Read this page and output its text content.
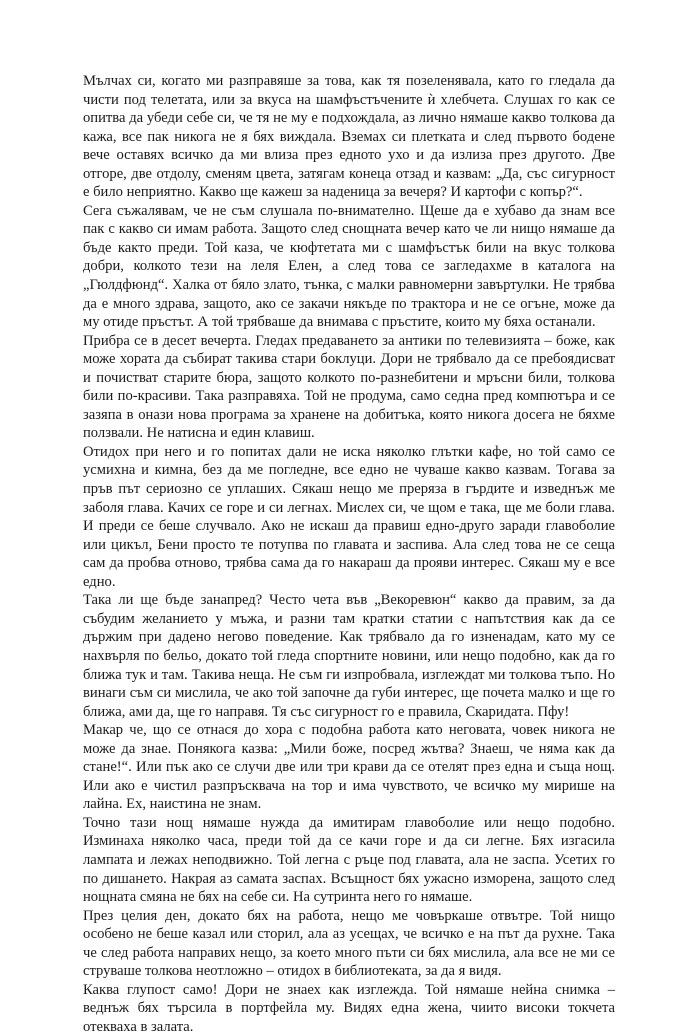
Мълчах си, когато ми разправяше за това, как тя позеленявала, като го гледала да чисти под телетата, или за вкуса на шамфъстъчените ѝ хлебчета. Слушах го как се опитва да убеди себе си, че тя не му е подхождала, аз лично нямаше какво толкова да кажа, все пак никога не я бях виждала. Вземах си плетката и след първото бодене вече оставях всичко да ми влизa през едното ухо и да излиза през другото. Две отгоре, две отдолу, сменям цвета, затягам конеца отзад и казвам: „Да, със сигурност е било неприятно. Какво ще кажеш за наденица за вечеря? И картофи с копър?“.

Сега съжалявам, че не съм слушала по-внимателно. Щеше да е хубаво да знам все пак с какво си имам работа. Защото след снощната вечер като че ли нищо нямаше да бъде както преди. Той каза, че кюфтетата ми с шамфъстък били на вкус толкова добри, колкото тези на леля Елен, а след това се загледахме в каталога на „Гюлдфюнд“. Халка от бяло злато, тънка, с малки равномерни завъртулки. Не трябва да е много здрава, защото, ако се закачи някъде по трактора и не се огъне, може да му отиде пръстът. А той трябваше да внимава с пръстите, които му бяха останали.

Прибра се в десет вечерта. Гледах предаването за антики по телевизията – боже, как може хората да събират такива стари боклуци. Дори не трябвало да се пребоядисват и почистват старите бюра, защото колкото по-разнебитени и мръсни били, толкова били по-красиви. Така разправяха. Той не продума, само седна пред компютъра и се зазяпа в онази нова програма за хранене на добитъка, която никога досега не бяхме ползвали. Не натисна и един клавиш.

Отидох при него и го попитах дали не иска няколко глътки кафе, но той само се усмихна и кимна, без да ме погледне, все едно не чуваше какво казвам. Тогава за пръв път сериозно се уплаших. Сякаш нещо ме преряза в гърдите и изведнъж ме заболя глава. Качих се горе и си легнах. Мислех си, че щом е така, ще ме боли глава. И преди се беше случвало. Ако не искаш да правиш едно-друго заради главоболие или цикъл, Бени просто те потупва по главата и заспива. Ала след това не се сеща сам да пробва отново, трябва сама да го накараш да прояви интерес. Сякаш му е все едно.

Така ли ще бъде занапред? Често чета във „Векоревюн“ какво да правим, за да събудим желанието у мъжа, и разни там кратки статии с напътствия как да се държим при дадено негово поведение. Как трябвало да го изненадам, като му се нахвърля по бельо, докато той гледа спортните новини, или нещо подобно, как да го ближа тук и там. Такива неща. Не съм ги изпробвала, изглеждат ми толкова тъпо. Но винаги съм си мислила, че ако той започне да губи интерес, ще почета малко и ще го ближа, ами да, ще го направя. Тя със сигурност го е правила, Скаридата. Пфу!

Макар че, що се отнася до хора с подобна работа като неговата, човек никога не може да знае. Понякога казва: „Мили боже, посред жътва? Знаеш, че няма как да стане!“. Или пък ако се случи две или три крави да се отелят през една и съща нощ. Или ако е чистил разпръсквача на тор и има чувството, че всичко му мирише на лайна. Ех, наистина не знам.

Точно тази нощ нямаше нужда да имитирам главоболие или нещо подобно. Изминаха няколко часа, преди той да се качи горе и да си легне. Бях изгасила лампата и лежах неподвижно. Той легна с ръце под главата, ала не заспа. Усетих го по дишането. Накрая аз самата заспах. Всъщност бях ужасно изморена, защото след нощната смяна не бях на себе си. На сутринта него го нямаше.

През целия ден, докато бях на работа, нещо ме човъркаше отвътре. Той нищо особено не беше казал или сторил, ала аз усещах, че всичко е на път да рухне. Така че след работа направих нещо, за което много пъти си бях мислила, ала все не ми се струваше толкова неотложно – отидох в библиотеката, за да я видя.

Каква глупост само! Дори не знаех как изглежда. Той нямаше нейна снимка – веднъж бях търсила в портфейла му. Видях една жена, чиито високи токчета отекваха в залата.
